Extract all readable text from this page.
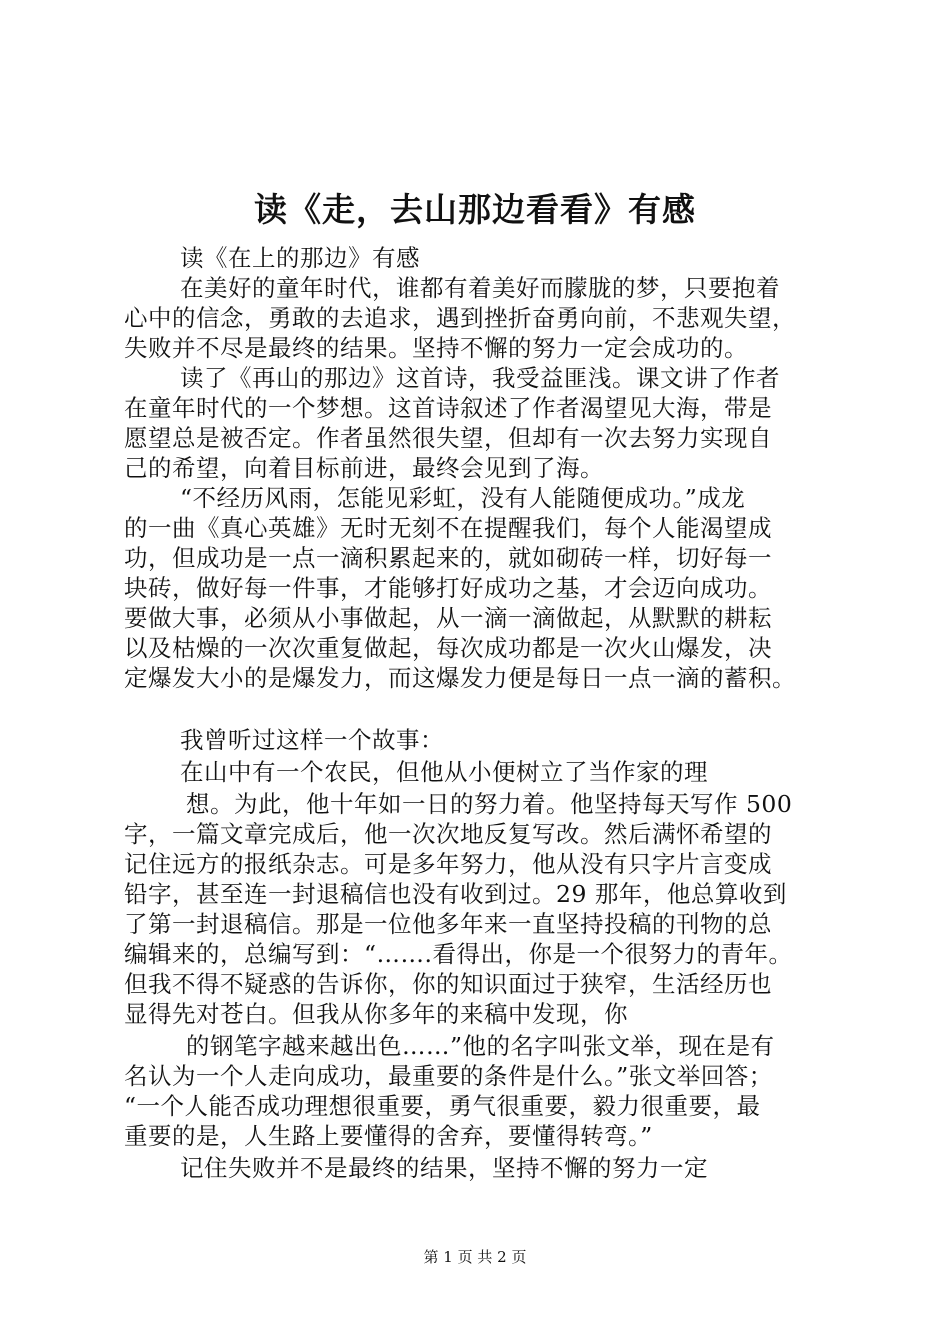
读《走，去山那边看看》有感
读《在上的那边》有感
在美好的童年时代，谁都有着美好而朦胧的梦，只要抱着
心中的信念，勇敢的去追求，遇到挫折奋勇向前，不悲观失望，
失败并不尽是最终的结果。坚持不懈的努力一定会成功的。
读了《再山的那边》这首诗，我受益匪浅。课文讲了作者
在童年时代的一个梦想。这首诗叙述了作者渴望见大海，带是
愿望总是被否定。作者虽然很失望，但却有一次去努力实现自
己的希望，向着目标前进，最终会见到了海。
“不经历风雨，怎能见彩虹，没有人能随便成功。”成龙
的一曲《真心英雄》无时无刻不在提醒我们，每个人能渴望成
功，但成功是一点一滴积累起来的，就如砌砖一样，切好每一
块砖，做好每一件事，才能够打好成功之基，才会迈向成功。
要做大事，必须从小事做起，从一滴一滴做起，从默默的耕耘
以及枯燥的一次次重复做起，每次成功都是一次火山爆发，决
定爆发大小的是爆发力，而这爆发力便是每日一点一滴的蓄积。
我曾听过这样一个故事：
在山中有一个农民，但他从小便树立了当作家的理
想。为此，他十年如一日的努力着。他坚持每天写作 500
字，一篇文章完成后，他一次次地反复写改。然后满怀希望的
记住远方的报纸杂志。可是多年努力，他从没有只字片言变成
铅字，甚至连一封退稿信也没有收到过。29 那年，他总算收到
了第一封退稿信。那是一位他多年来一直坚持投稿的刊物的总
编辑来的，总编写到：“…….看得出，你是一个很努力的青年。
但我不得不疑惑的告诉你，你的知识面过于狭窄，生活经历也
显得先对苍白。但我从你多年的来稿中发现，你
的钢笔字越来越出色……”他的名字叫张文举，现在是有
名认为一个人走向成功，最重要的条件是什么。”张文举回答；
“一个人能否成功理想很重要，勇气很重要，毅力很重要，最
重要的是，人生路上要懂得的舍弃，要懂得转弯。”
记住失败并不是最终的结果，坚持不懈的努力一定
第 1 页 共 2 页
